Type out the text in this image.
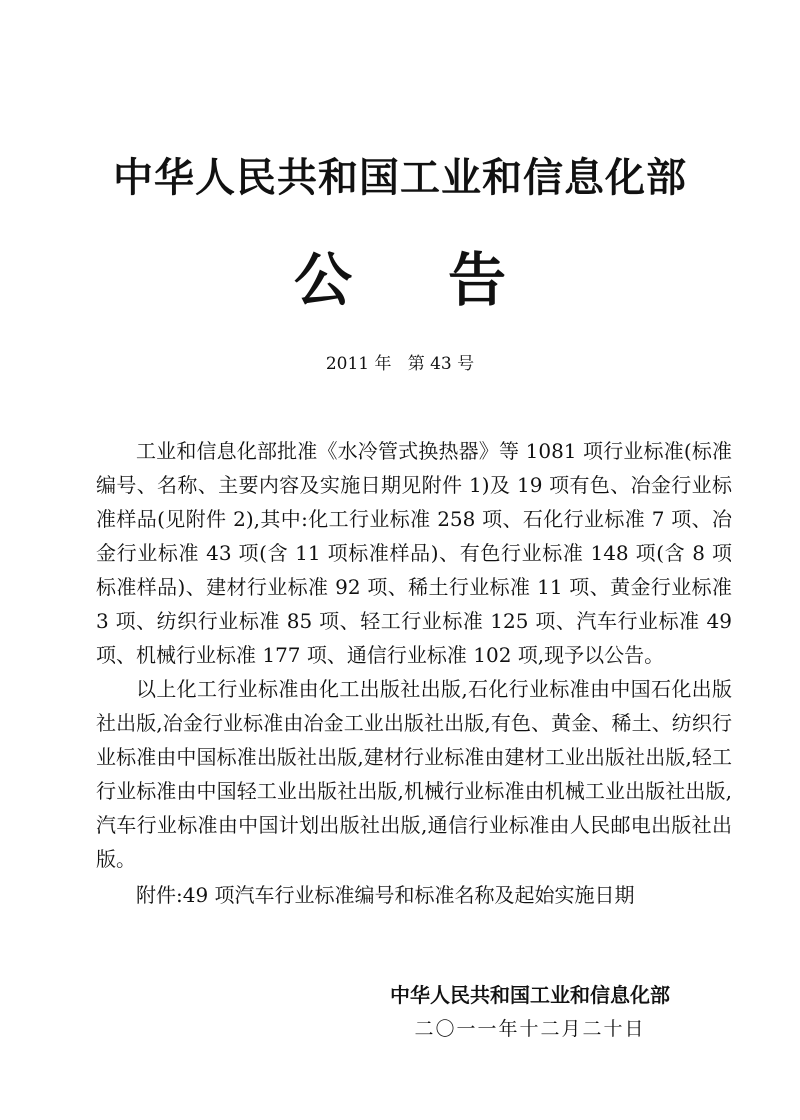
中华人民共和国工业和信息化部
公告
2011 年   第 43 号

工业和信息化部批准《水冷管式换热器》等 1081 项行业标准(标准编号、名称、主要内容及实施日期见附件 1)及 19 项有色、冶金行业标准样品(见附件 2),其中:化工行业标准 258 项、石化行业标准 7 项、冶金行业标准 43 项(含 11 项标准样品)、有色行业标准 148 项(含 8 项标准样品)、建材行业标准 92 项、稀土行业标准 11 项、黄金行业标准 3 项、纺织行业标准 85 项、轻工行业标准 125 项、汽车行业标准 49 项、机械行业标准 177 项、通信行业标准 102 项,现予以公告。

以上化工行业标准由化工出版社出版,石化行业标准由中国石化出版社出版,冶金行业标准由冶金工业出版社出版,有色、黄金、稀土、纺织行业标准由中国标准出版社出版,建材行业标准由建材工业出版社出版,轻工行业标准由中国轻工业出版社出版,机械行业标准由机械工业出版社出版,汽车行业标准由中国计划出版社出版,通信行业标准由人民邮电出版社出版。

附件:49 项汽车行业标准编号和标准名称及起始实施日期

中华人民共和国工业和信息化部
二〇一一年十二月二十日
